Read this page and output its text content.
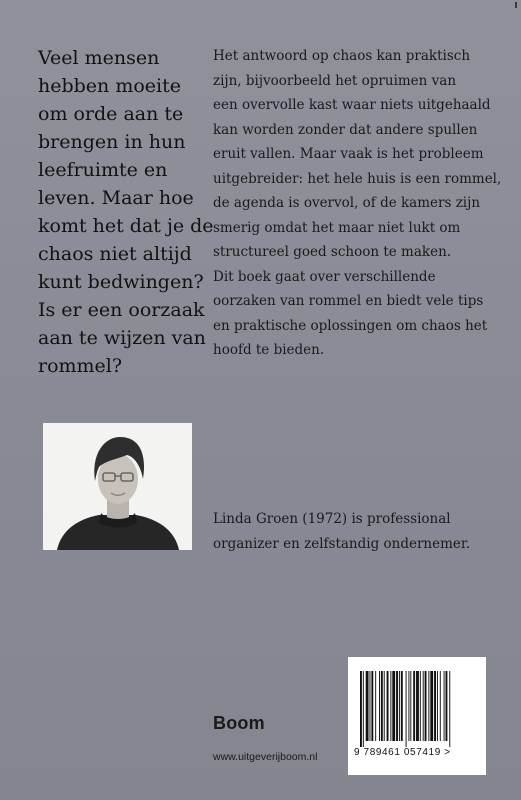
Veel mensen
hebben moeite
om orde aan te
brengen in hun
leefruimte en
leven. Maar hoe
komt het dat je de
chaos niet altijd
kunt bedwingen?
Is er een oorzaak
aan te wijzen van
rommel?
Het antwoord op chaos kan praktisch
zijn, bijvoorbeeld het opruimen van
een overvolle kast waar niets uitgehaald
kan worden zonder dat andere spullen
eruit vallen. Maar vaak is het probleem
uitgebreider: het hele huis is een rommel,
de agenda is overvol, of de kamers zijn
smerig omdat het maar niet lukt om
structureel goed schoon te maken.
Dit boek gaat over verschillende
oorzaken van rommel en biedt vele tips
en praktische oplossingen om chaos het
hoofd te bieden.
Linda Groen (1972) is professional
organizer en zelfstandig ondernemer.
Boom
www.uitgeverijboom.nl	9 789461 057419 >
